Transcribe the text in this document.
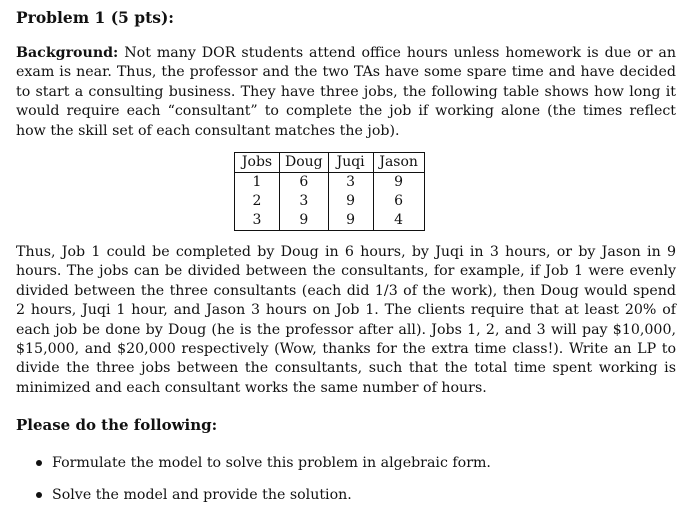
Problem 1 (5 pts):
Background: Not many DOR students attend office hours unless homework is due or an exam is near. Thus, the professor and the two TAs have some spare time and have decided to start a consulting business. They have three jobs, the following table shows how long it would require each “consultant” to complete the job if working alone (the times reflect how the skill set of each consultant matches the job).
Jobs	Doug	Juqi	Jason
1	6	3	9
2	3	9	6
3	9	9	4
Thus, Job 1 could be completed by Doug in 6 hours, by Juqi in 3 hours, or by Jason in 9 hours. The jobs can be divided between the consultants, for example, if Job 1 were evenly divided between the three consultants (each did 1/3 of the work), then Doug would spend 2 hours, Juqi 1 hour, and Jason 3 hours on Job 1. The clients require that at least 20% of each job be done by Doug (he is the professor after all). Jobs 1, 2, and 3 will pay $10,000, $15,000, and $20,000 respectively (Wow, thanks for the extra time class!). Write an LP to divide the three jobs between the consultants, such that the total time spent working is minimized and each consultant works the same number of hours.
Please do the following:
Formulate the model to solve this problem in algebraic form.
Solve the model and provide the solution.
